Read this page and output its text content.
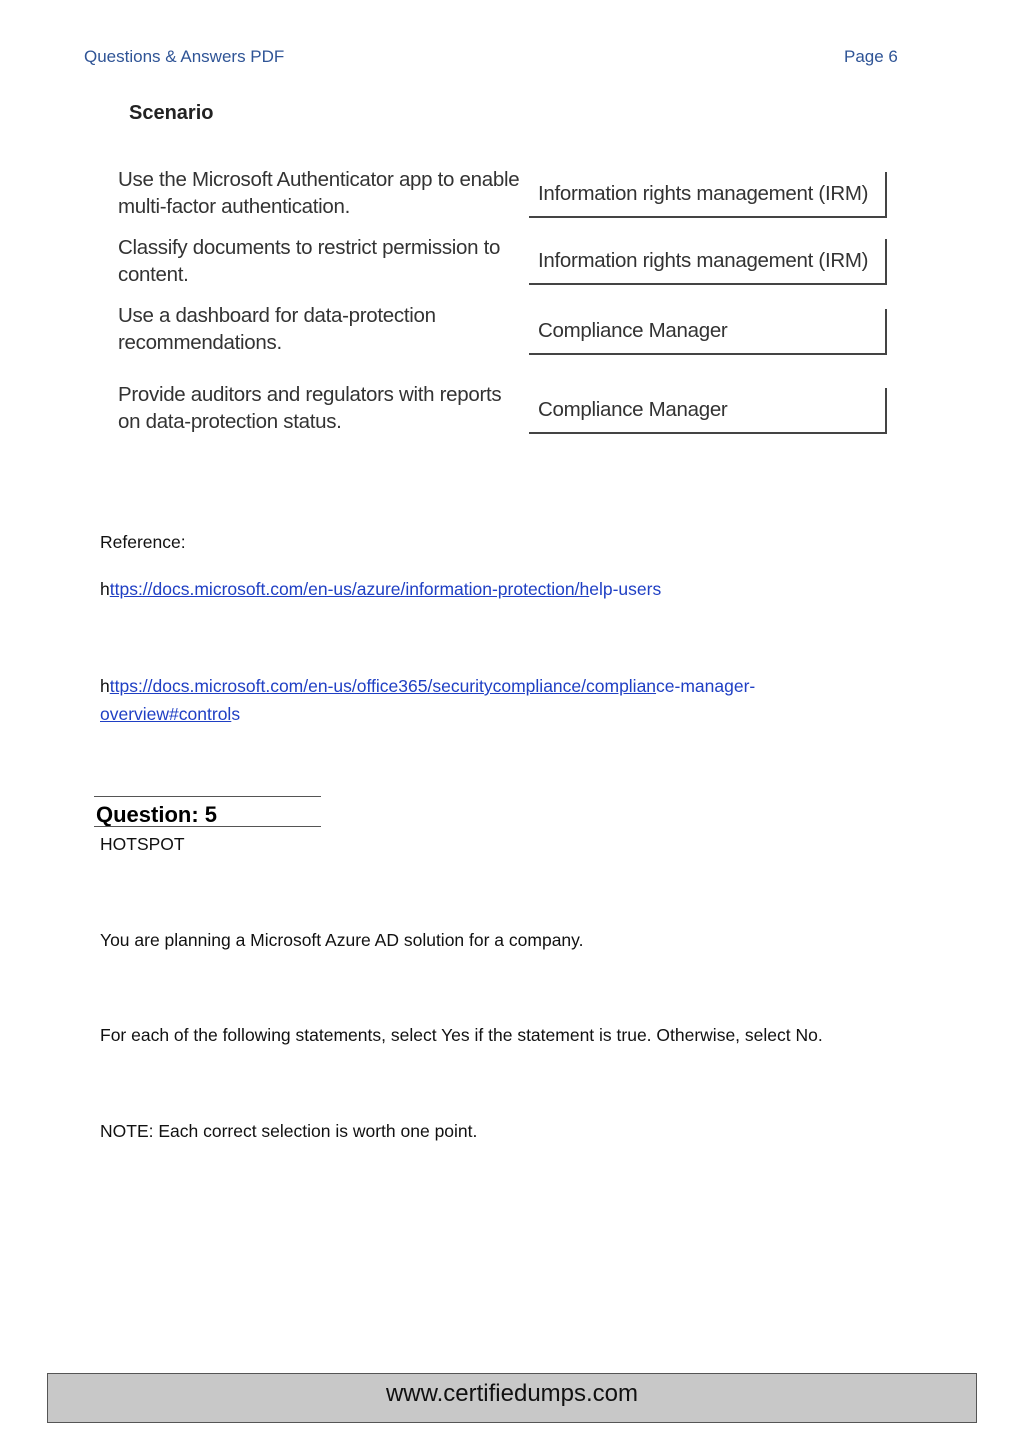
Questions & Answers PDF	Page 6
Scenario
Use the Microsoft Authenticator app to enable
multi-factor authentication.
Information rights management (IRM)
Classify documents to restrict permission to
content.
Information rights management (IRM)
Use a dashboard for data-protection
recommendations.
Compliance Manager
Provide auditors and regulators with reports
on data-protection status.
Compliance Manager
Reference:
https://docs.microsoft.com/en-us/azure/information-protection/help-users
https://docs.microsoft.com/en-us/office365/securitycompliance/compliance-manager-
overview#controls
Question: 5
HOTSPOT
You are planning a Microsoft Azure AD solution for a company.
For each of the following statements, select Yes if the statement is true. Otherwise, select No.
NOTE: Each correct selection is worth one point.
www.certifiedumps.com
